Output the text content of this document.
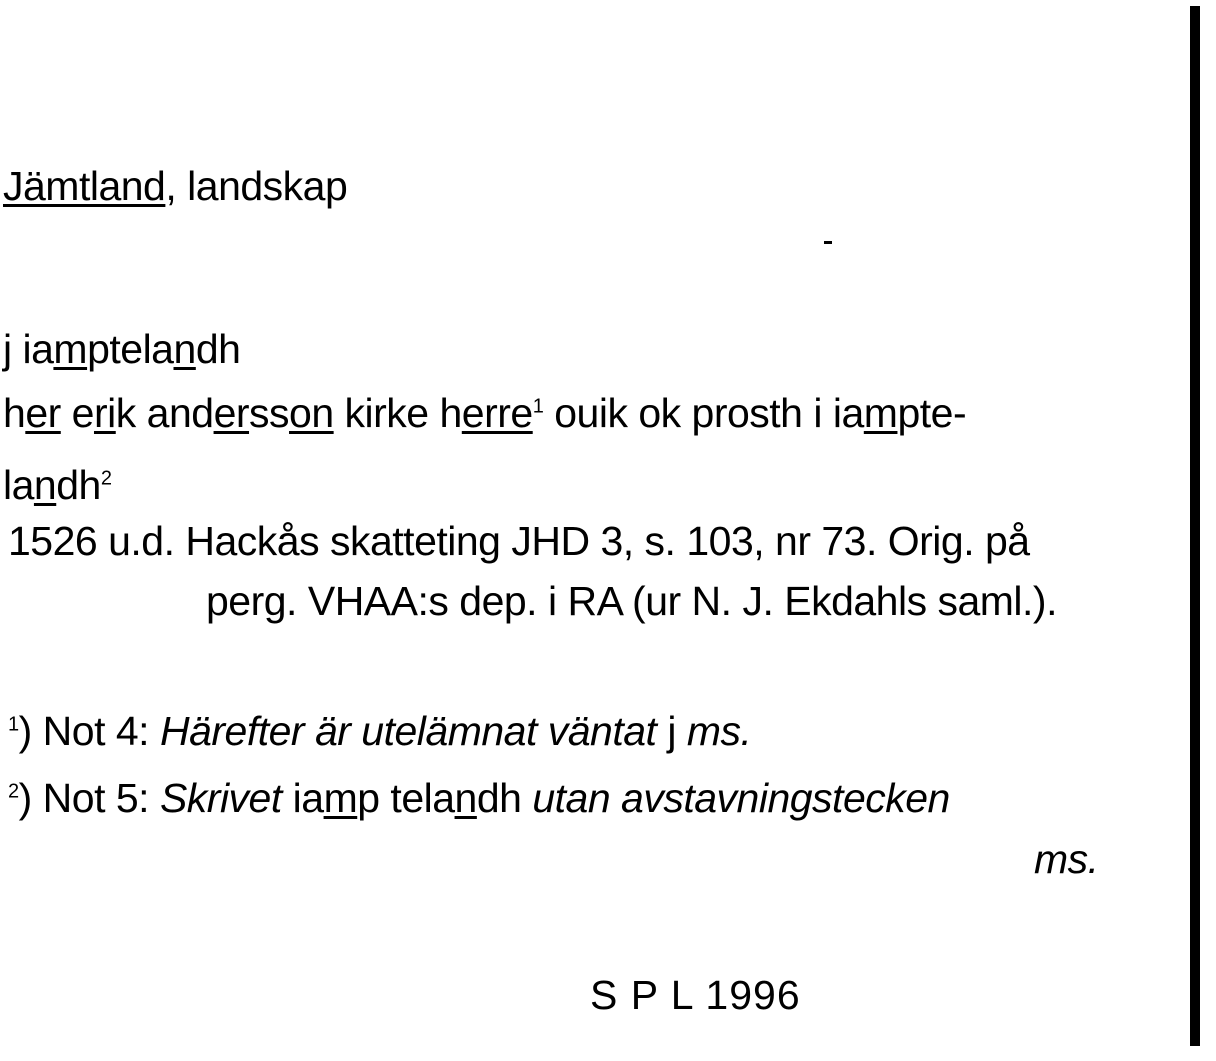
Jämtland, landskap
j iamptelandh
her erik andersson kirke herre$^1$ ouik ok prosth i iampte-
landh$^2$
1526 u.d. Hackås skatteting JHD 3, s. 103, nr 73. Orig. på
perg. VHAA:s dep. i RA (ur N. J. Ekdahls saml.).
$^1$) Not 4: Härefter är utelämnat väntat j ms.
$^2$) Not 5: Skrivet iamp telandh utan avstavningstecken
ms.
S P L 1996
